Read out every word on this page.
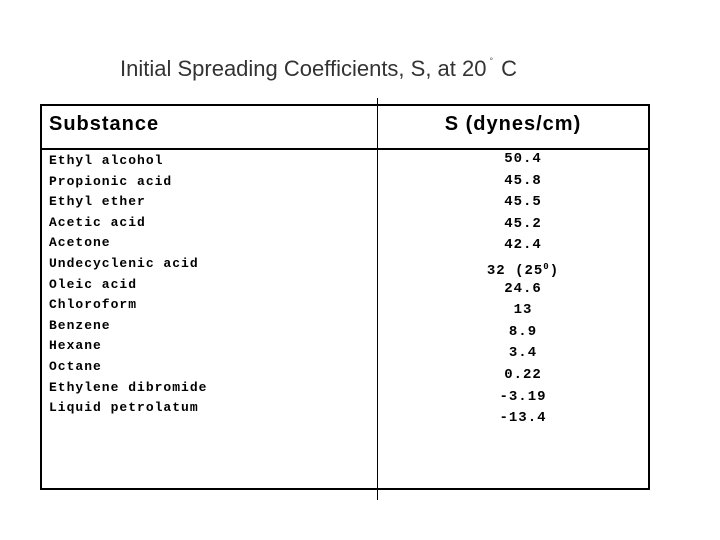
Initial Spreading Coefficients, S, at 20 ° C
Substance	S (dynes/cm)
Ethyl alcohol
Propionic acid
Ethyl ether
Acetic acid
Acetone
Undecyclenic acid
Oleic acid
Chloroform
Benzene
Hexane
Octane
Ethylene dibromide
Liquid petrolatum
50.4
45.8
45.5
45.2
42.4
32 $(25^0)$
24.6
13
8.9
3.4
0.22
-3.19
-13.4
